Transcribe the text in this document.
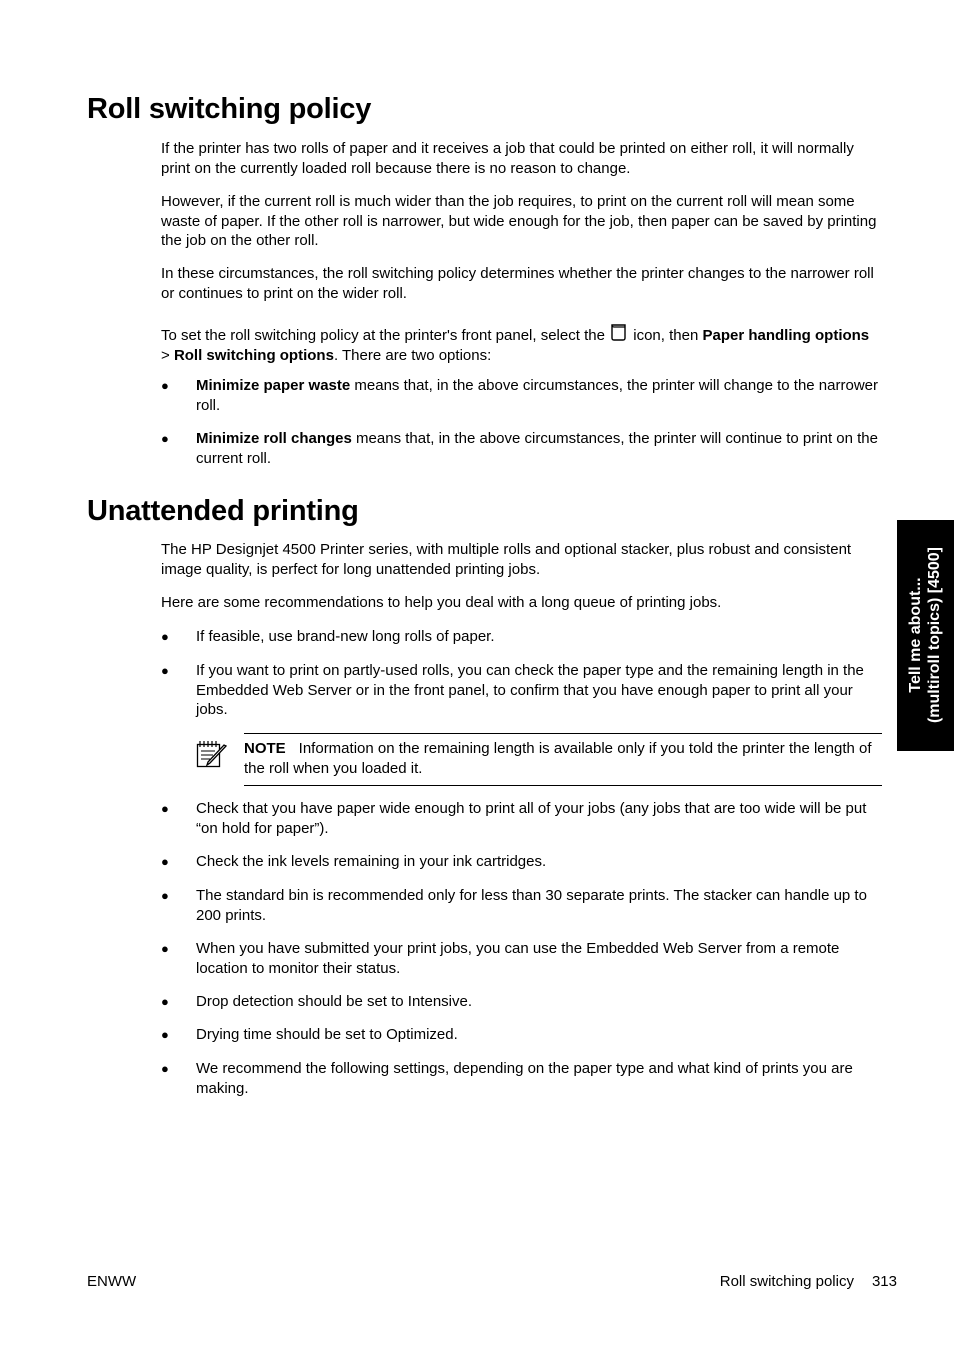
Roll switching policy

If the printer has two rolls of paper and it receives a job that could be printed on either roll, it will normally print on the currently loaded roll because there is no reason to change.

However, if the current roll is much wider than the job requires, to print on the current roll will mean some waste of paper. If the other roll is narrower, but wide enough for the job, then paper can be saved by printing the job on the other roll.

In these circumstances, the roll switching policy determines whether the printer changes to the narrower roll or continues to print on the wider roll.

To set the roll switching policy at the printer's front panel, select the  icon, then Paper handling options > Roll switching options. There are two options:

● Minimize paper waste means that, in the above circumstances, the printer will change to the narrower roll.

● Minimize roll changes means that, in the above circumstances, the printer will continue to print on the current roll.

Unattended printing

The HP Designjet 4500 Printer series, with multiple rolls and optional stacker, plus robust and consistent image quality, is perfect for long unattended printing jobs.

Here are some recommendations to help you deal with a long queue of printing jobs.

● If feasible, use brand-new long rolls of paper.

● If you want to print on partly-used rolls, you can check the paper type and the remaining length in the Embedded Web Server or in the front panel, to confirm that you have enough paper to print all your jobs.

NOTE Information on the remaining length is available only if you told the printer the length of the roll when you loaded it.

● Check that you have paper wide enough to print all of your jobs (any jobs that are too wide will be put “on hold for paper”).

● Check the ink levels remaining in your ink cartridges.

● The standard bin is recommended only for less than 30 separate prints. The stacker can handle up to 200 prints.

● When you have submitted your print jobs, you can use the Embedded Web Server from a remote location to monitor their status.

● Drop detection should be set to Intensive.

● Drying time should be set to Optimized.

● We recommend the following settings, depending on the paper type and what kind of prints you are making.

Tell me about... (multiroll topics) [4500]
ENWW	Roll switching policy 313
